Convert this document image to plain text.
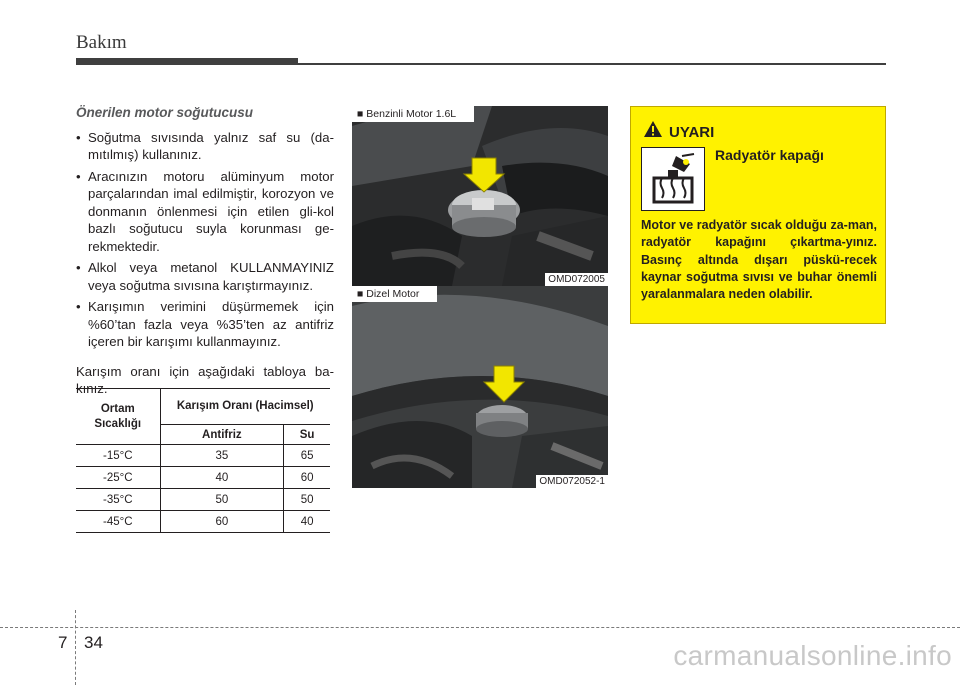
Bakım
Önerilen motor soğutucusu
• Soğutma sıvısında yalnız saf su (da-mıtılmış) kullanınız.
• Aracınızın motoru alüminyum motor parçalarından imal edilmiştir, korozyon ve donmanın önlenmesi için etilen gli-kol bazlı soğutucu suyla korunması ge-rekmektedir.
• Alkol veya metanol KULLANMAYINIZ veya soğutma sıvısına karıştırmayınız.
• Karışımın verimini düşürmemek için %60’tan fazla veya %35’ten az antifriz içeren bir karışımı kullanmayınız.

Karışım oranı için aşağıdaki tabloya ba-kınız.

Ortam Sıcaklığı	Karışım Oranı (Hacimsel)	
	Antifriz	Su
-15°C	35	65
-25°C	40	60
-35°C	50	50
-45°C	60	40
■ Benzinli Motor 1.6L
OMD072005
■ Dizel Motor
OMD072052-1
UYARI
Radyatör kapağı
Motor ve radyatör sıcak olduğu za-man, radyatör kapağını çıkartma-yınız. Basınç altında dışarı püskü-recek kaynar soğutma sıvısı ve buhar önemli yaralanmalara neden olabilir.
7 34	carmanualsonline.info
